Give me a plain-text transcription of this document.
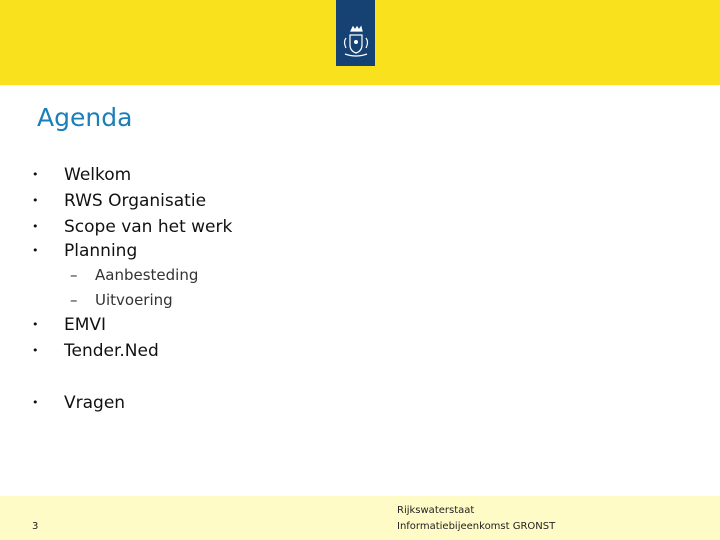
Agenda
• Welkom
• RWS Organisatie
• Scope van het werk
• Planning
– Aanbesteding
– Uitvoering
• EMVI
• Tender.Ned
• Vragen
3
Rijkswaterstaat
Informatiebijeenkomst GRONST
